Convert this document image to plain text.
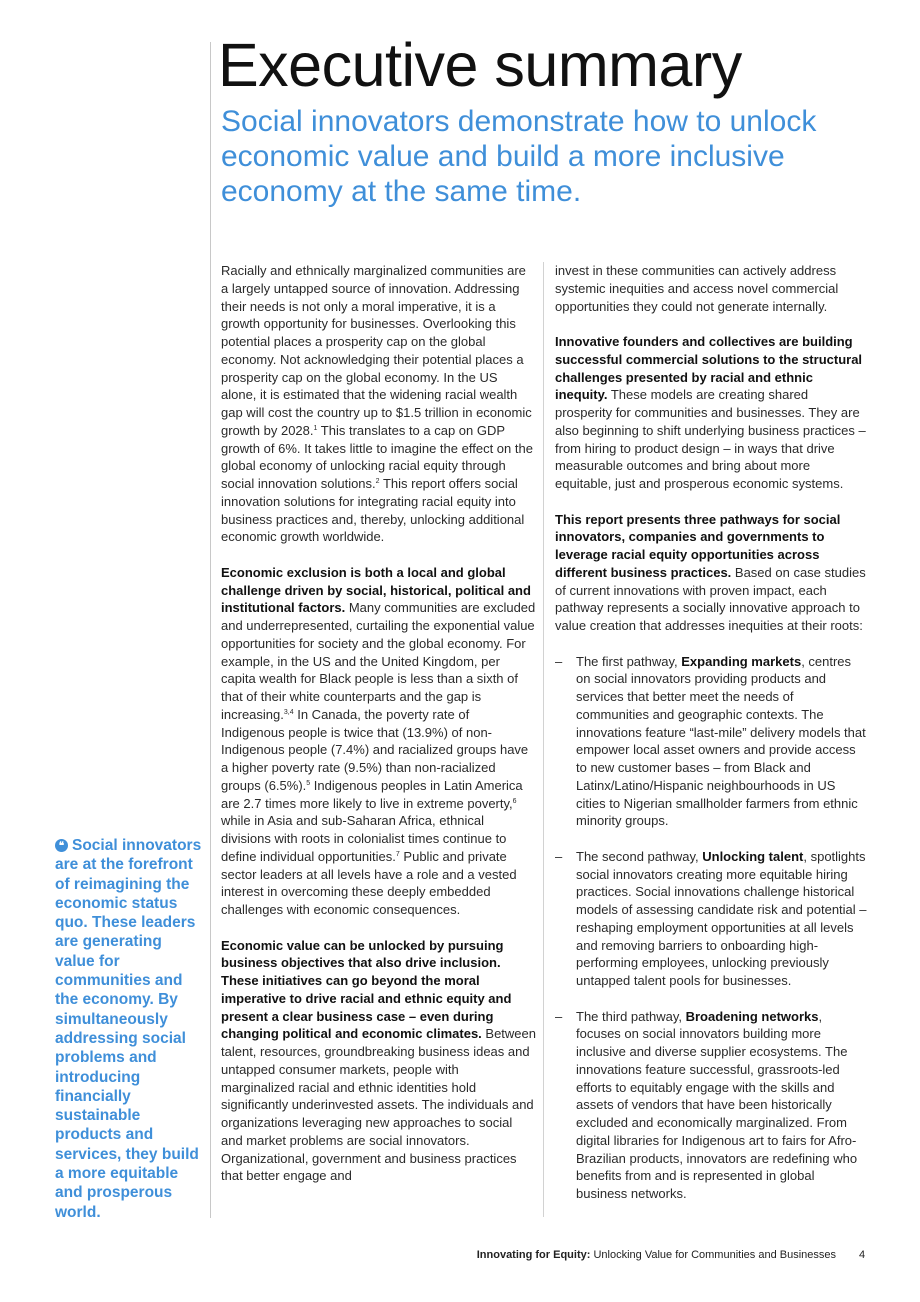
Executive summary

Social innovators demonstrate how to unlock economic value and build a more inclusive economy at the same time.

Racially and ethnically marginalized communities are a largely untapped source of innovation. Addressing their needs is not only a moral imperative, it is a growth opportunity for businesses. Overlooking this potential places a prosperity cap on the global economy. Not acknowledging their potential places a prosperity cap on the global economy. In the US alone, it is estimated that the widening racial wealth gap will cost the country up to $1.5 trillion in economic growth by 2028.$^1$ This translates to a cap on GDP growth of 6%. It takes little to imagine the effect on the global economy of unlocking racial equity through social innovation solutions.$^2$ This report offers social innovation solutions for integrating racial equity into business practices and, thereby, unlocking additional economic growth worldwide.

Economic exclusion is both a local and global challenge driven by social, historical, political and institutional factors. Many communities are excluded and underrepresented, curtailing the exponential value opportunities for society and the global economy. For example, in the US and the United Kingdom, per capita wealth for Black people is less than a sixth of that of their white counterparts and the gap is increasing.$^{3,4}$ In Canada, the poverty rate of Indigenous people is twice that (13.9%) of non-Indigenous people (7.4%) and racialized groups have a higher poverty rate (9.5%) than non-racialized groups (6.5%).$^5$ Indigenous peoples in Latin America are 2.7 times more likely to live in extreme poverty,$^6$ while in Asia and sub-Saharan Africa, ethnical divisions with roots in colonialist times continue to define individual opportunities.$^7$ Public and private sector leaders at all levels have a role and a vested interest in overcoming these deeply embedded challenges with economic consequences.

Economic value can be unlocked by pursuing business objectives that also drive inclusion. These initiatives can go beyond the moral imperative to drive racial and ethnic equity and present a clear business case – even during changing political and economic climates. Between talent, resources, groundbreaking business ideas and untapped consumer markets, people with marginalized racial and ethnic identities hold significantly underinvested assets. The individuals and organizations leveraging new approaches to social and market problems are social innovators. Organizational, government and business practices that better engage and

invest in these communities can actively address systemic inequities and access novel commercial opportunities they could not generate internally.

Innovative founders and collectives are building successful commercial solutions to the structural challenges presented by racial and ethnic inequity. These models are creating shared prosperity for communities and businesses. They are also beginning to shift underlying business practices – from hiring to product design – in ways that drive measurable outcomes and bring about more equitable, just and prosperous economic systems.

This report presents three pathways for social innovators, companies and governments to leverage racial equity opportunities across different business practices. Based on case studies of current innovations with proven impact, each pathway represents a socially innovative approach to value creation that addresses inequities at their roots:

– The first pathway, Expanding markets, centres on social innovators providing products and services that better meet the needs of communities and geographic contexts. The innovations feature “last-mile” delivery models that empower local asset owners and provide access to new customer bases – from Black and Latinx/Latino/Hispanic neighbourhoods in US cities to Nigerian smallholder farmers from ethnic minority groups.
– The second pathway, Unlocking talent, spotlights social innovators creating more equitable hiring practices. Social innovations challenge historical models of assessing candidate risk and potential – reshaping employment opportunities at all levels and removing barriers to onboarding high-performing employees, unlocking previously untapped talent pools for businesses.
– The third pathway, Broadening networks, focuses on social innovators building more inclusive and diverse supplier ecosystems. The innovations feature successful, grassroots-led efforts to equitably engage with the skills and assets of vendors that have been historically excluded and economically marginalized. From digital libraries for Indigenous art to fairs for Afro-Brazilian products, innovators are redefining who benefits from and is represented in global business networks.

❝ Social innovators are at the forefront of reimagining the economic status quo. These leaders are generating value for communities and the economy. By simultaneously addressing social problems and introducing financially sustainable products and services, they build a more equitable and prosperous world.

Innovating for Equity: Unlocking Value for Communities and Businesses 4
